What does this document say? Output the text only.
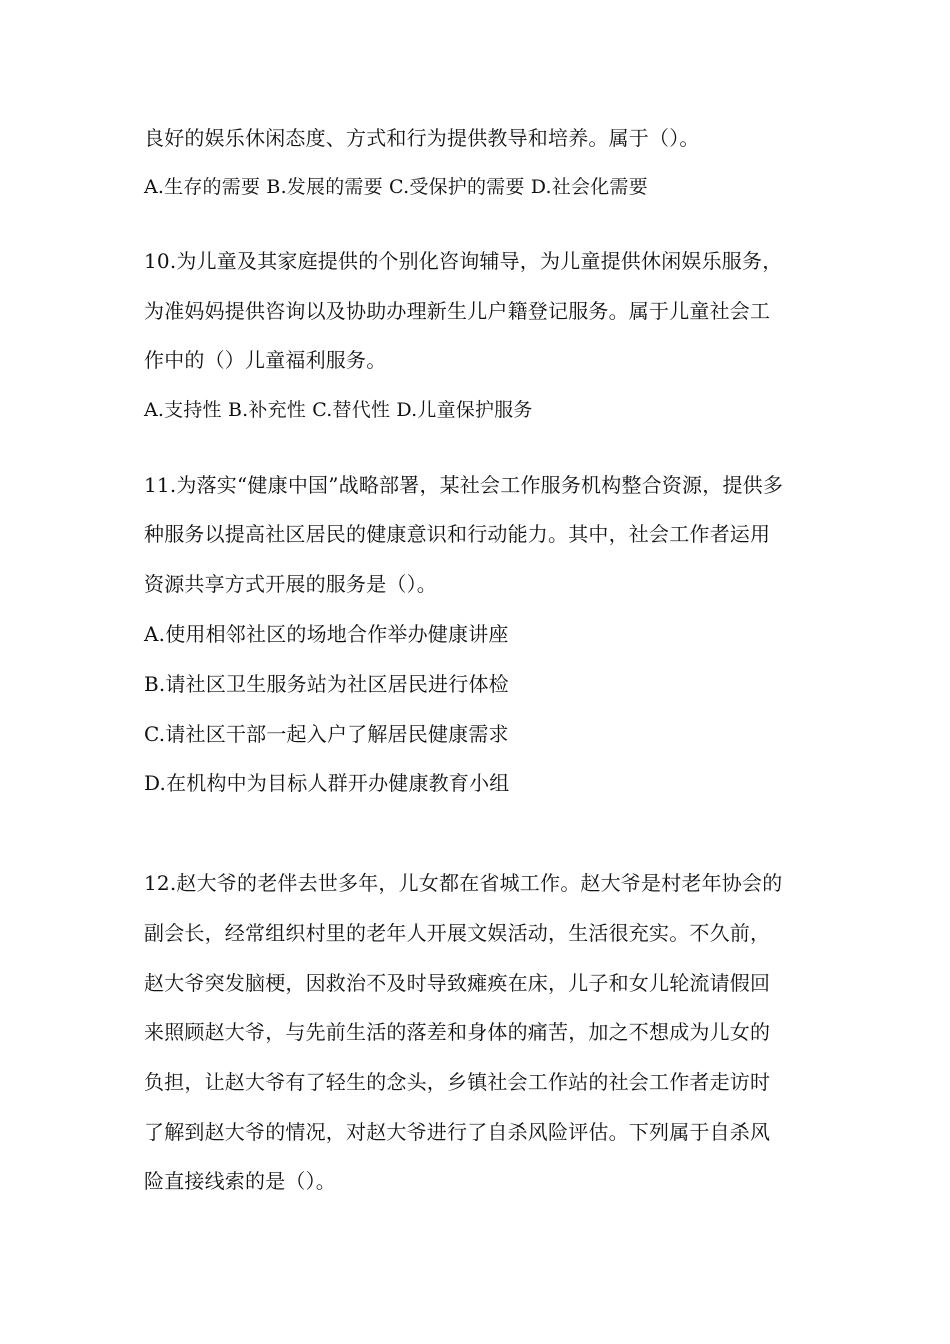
良好的娱乐休闲态度、方式和行为提供教导和培养。属于（）。
A.生存的需要 B.发展的需要 C.受保护的需要 D.社会化需要
10.为儿童及其家庭提供的个别化咨询辅导，为儿童提供休闲娱乐服务，
为准妈妈提供咨询以及协助办理新生儿户籍登记服务。属于儿童社会工
作中的（）儿童福利服务。
A.支持性 B.补充性 C.替代性 D.儿童保护服务
11.为落实“健康中国”战略部署，某社会工作服务机构整合资源，提供多
种服务以提高社区居民的健康意识和行动能力。其中，社会工作者运用
资源共享方式开展的服务是（）。
A.使用相邻社区的场地合作举办健康讲座
B.请社区卫生服务站为社区居民进行体检
C.请社区干部一起入户了解居民健康需求
D.在机构中为目标人群开办健康教育小组
12.赵大爷的老伴去世多年，儿女都在省城工作。赵大爷是村老年协会的
副会长，经常组织村里的老年人开展文娱活动，生活很充实。不久前，
赵大爷突发脑梗，因救治不及时导致瘫痪在床，儿子和女儿轮流请假回
来照顾赵大爷，与先前生活的落差和身体的痛苦，加之不想成为儿女的
负担，让赵大爷有了轻生的念头，乡镇社会工作站的社会工作者走访时
了解到赵大爷的情况，对赵大爷进行了自杀风险评估。下列属于自杀风
险直接线索的是（）。
